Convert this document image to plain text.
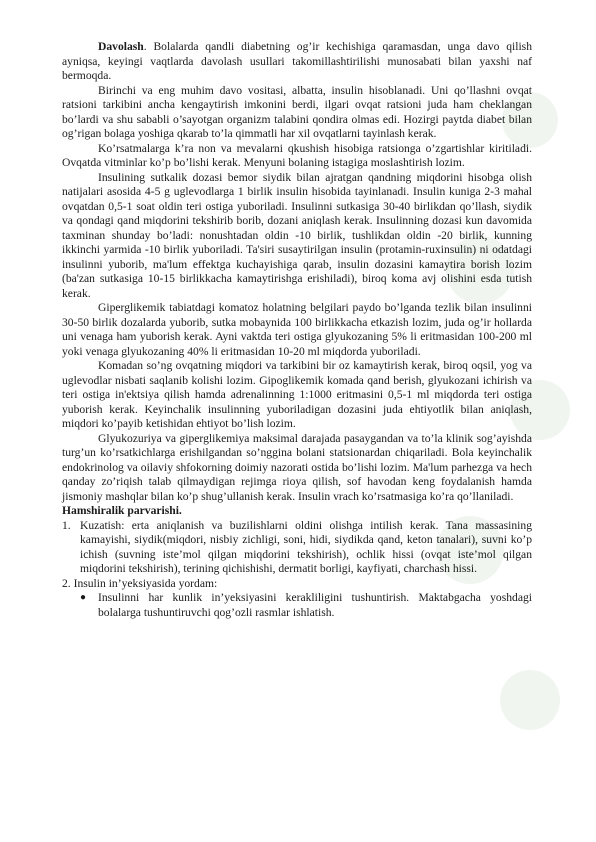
Davolash. Bolalarda qandli diabetning og’ir kechishiga qaramasdan, unga davo qilish ayniqsa, keyingi vaqtlarda davolash usullari takomillashtirilishi munosabati bilan yaxshi naf bermoqda.

Birinchi va eng muhim davo vositasi, albatta, insulin hisoblanadi. Uni qo’llashni ovqat ratsioni tarkibini ancha kengaytirish imkonini berdi, ilgari ovqat ratsioni juda ham cheklangan bo’lardi va shu sababli o’sayotgan organizm talabini qondira olmas edi. Hozirgi paytda diabet bilan og’rigan bolaga yoshiga qkarab to’la qimmatli har xil ovqatlarni tayinlash kerak.

Ko’rsatmalarga k’ra non va mevalarni qkushish hisobiga ratsionga o’zgartishlar kiritiladi. Ovqatda vitminlar ko’p bo’lishi kerak. Menyuni bolaning istagiga moslashtirish lozim.

Insulining sutkalik dozasi bemor siydik bilan ajratgan qandning miqdorini hisobga olish natijalari asosida 4-5 g uglevodlarga 1 birlik insulin hisobida tayinlanadi. Insulin kuniga 2-3 mahal ovqatdan 0,5-1 soat oldin teri ostiga yuboriladi. Insulinni sutkasiga 30-40 birlikdan qo’llash, siydik va qondagi qand miqdorini tekshirib borib, dozani aniqlash kerak. Insulinning dozasi kun davomida taxminan shunday bo’ladi: nonushtadan oldin -10 birlik, tushlikdan oldin -20 birlik, kunning ikkinchi yarmida -10 birlik yuboriladi. Ta'siri susaytirilgan insulin (protamin-ruxinsulin) ni odatdagi insulinni yuborib, ma'lum effektga kuchayishiga qarab, insulin dozasini kamaytira borish lozim (ba'zan sutkasiga 10-15 birlikkacha kamaytirishga erishiladi), biroq koma avj olishini esda tutish kerak.

Giperglikemik tabiatdagi komatoz holatning belgilari paydo bo’lganda tezlik bilan insulinni 30-50 birlik dozalarda yuborib, sutka mobaynida 100 birlikkacha etkazish lozim, juda og’ir hollarda uni venaga ham yuborish kerak. Ayni vaktda teri ostiga glyukozaning 5% li eritmasidan 100-200 ml yoki venaga glyukozaning 40% li eritmasidan 10-20 ml miqdorda yuboriladi.

Komadan so’ng ovqatning miqdori va tarkibini bir oz kamaytirish kerak, biroq oqsil, yog va uglevodlar nisbati saqlanib kolishi lozim. Gipoglikemik komada qand berish, glyukozani ichirish va teri ostiga in'ektsiya qilish hamda adrenalinning 1:1000 eritmasini 0,5-1 ml miqdorda teri ostiga yuborish kerak. Keyinchalik insulinning yuboriladigan dozasini juda ehtiyotlik bilan aniqlash, miqdori ko’payib ketishidan ehtiyot bo’lish lozim.

Glyukozuriya va giperglikemiya maksimal darajada pasaygandan va to’la klinik sog’ayishda turg’un ko’rsatkichlarga erishilgandan so’nggina bolani statsionardan chiqariladi. Bola keyinchalik endokrinolog va oilaviy shfokorning doimiy nazorati ostida bo’lishi lozim. Ma'lum parhezga va hech qanday zo’riqish talab qilmaydigan rejimga rioya qilish, sof havodan keng foydalanish hamda jismoniy mashqlar bilan ko’p shug’ullanish kerak. Insulin vrach ko’rsatmasiga ko’ra qo’llaniladi.

Hamshiralik parvarishi.

1. Kuzatish: erta aniqlanish va buzilishlarni oldini olishga intilish kerak. Tana massasining kamayishi, siydik(miqdori, nisbiy zichligi, soni, hidi, siydikda qand, keton tanalari), suvni ko’p ichish (suvning iste’mol qilgan miqdorini tekshirish), ochlik hissi (ovqat iste’mol qilgan miqdorini tekshirish), terining qichishishi, dermatit borligi, kayfiyati, charchash hissi.

2. Insulin in’yeksiyasida yordam:

● Insulinni har kunlik in’yeksiyasini kerakliligini tushuntirish. Maktabgacha yoshdagi bolalarga tushuntiruvchi qog’ozli rasmlar ishlatish.
